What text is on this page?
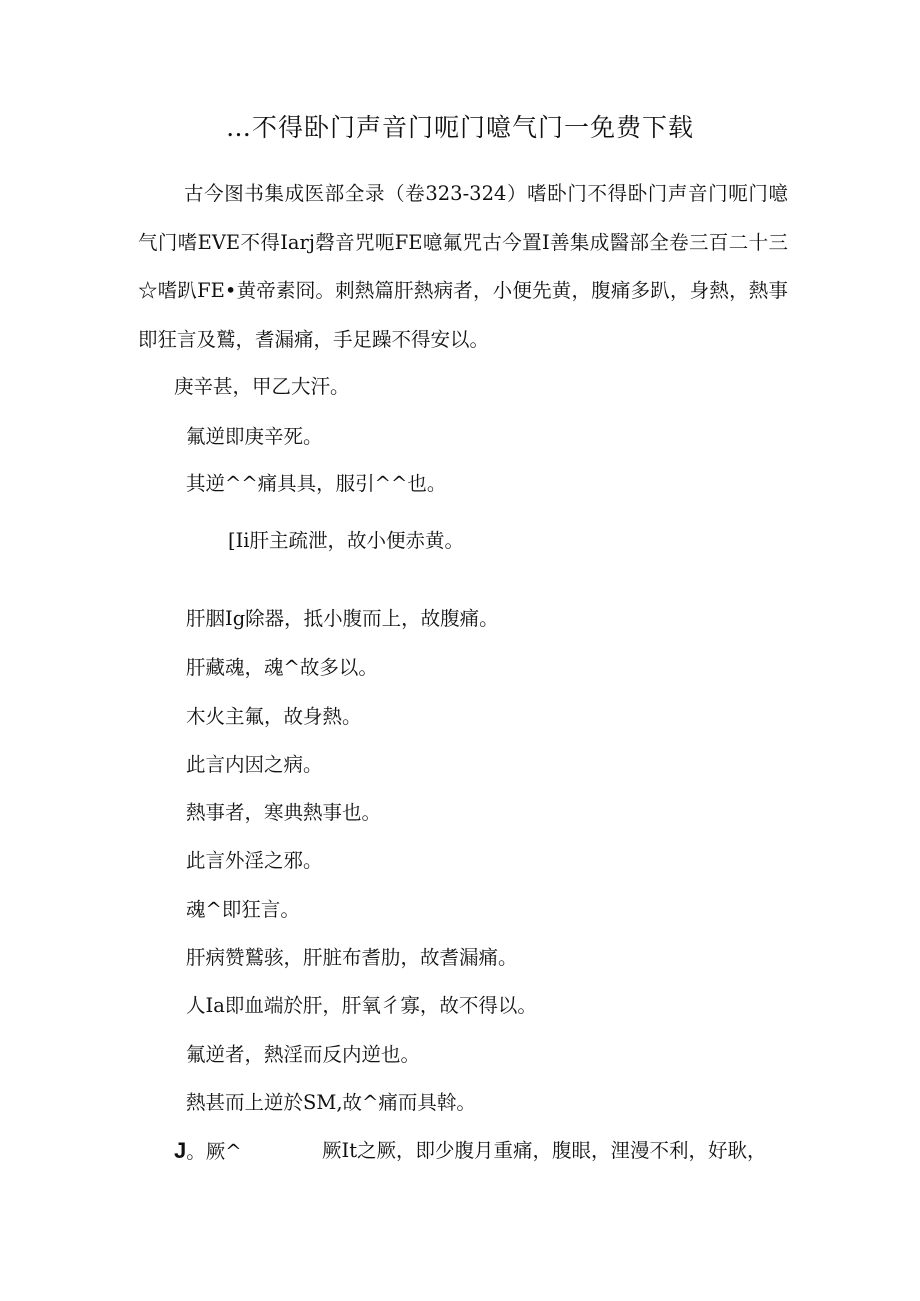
…不得卧门声音门呃门噫气门一免费下载
古今图书集成医部全录（卷323-324）嗜卧门不得卧门声音门呃门噫气门嗜EVE不得Iarj磬音咒呃FE噫氟咒古今置I善集成醫部全卷三百二十三☆嗜趴FE•黄帝素冏。刺熱篇肝熱病者，小便先黄，腹痛多趴，身熱，熱事即狂言及鷲，耆漏痛，手足躁不得安以。
庚辛甚，甲乙大汗。
氟逆即庚辛死。
其逆^^痛具具，服引^^也。
[Ii肝主疏泄，故小便赤黄。
肝胭Ig除器，抵小腹而上，故腹痛。
肝藏魂，魂^故多以。
木火主氟，故身熱。
此言内因之病。
熱事者，寒典熱事也。
此言外淫之邪。
魂^即狂言。
肝病赞鷲骇，肝脏布耆肋，故耆漏痛。
人Ia即血端於肝，肝氧彳寡，故不得以。
氟逆者，熱淫而反内逆也。
熱甚而上逆於SM,故^痛而具斡。
J。厥^	厥It之厥，即少腹月重痛，腹眼，浬漫不利，好耿，
